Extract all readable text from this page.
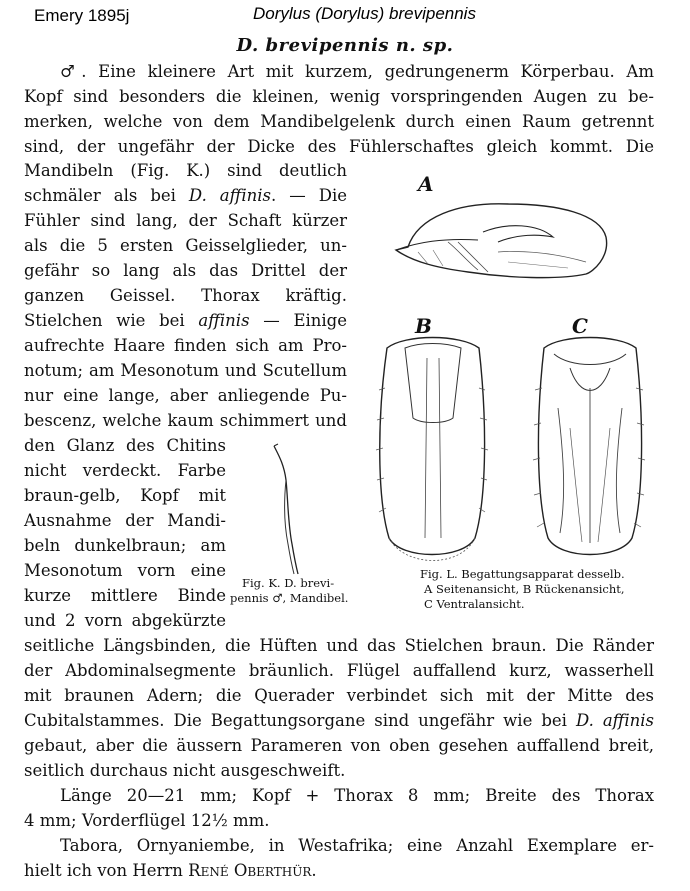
Emery 1895j	Dorylus (Dorylus) brevipennis
D. brevipennis n. sp.
♂. Eine kleinere Art mit kurzem, gedrungenerm Körperbau. Am
Kopf sind besonders die kleinen, wenig vorspringenden Augen zu be-
merken, welche von dem Mandibelgelenk durch einen Raum getrennt
sind, der ungefähr der Dicke des Fühlerschaftes gleich kommt. Die
Mandibeln (Fig. K.) sind deutlich
schmäler als bei D. affinis. — Die
Fühler sind lang, der Schaft kürzer
als die 5 ersten Geisselglieder, un-
gefähr so lang als das Drittel der
ganzen Geissel. Thorax kräftig.
Stielchen wie bei affinis — Einige
aufrechte Haare finden sich am Pro-
notum; am Mesonotum und Scutellum
nur eine lange, aber anliegende Pu-
bescenz, welche kaum schimmert und
den Glanz des Chitins
nicht verdeckt. Farbe
braun-gelb, Kopf mit
Ausnahme der Mandi-
beln dunkelbraun; am
Mesonotum vorn eine
kurze mittlere Binde
und 2 vorn abgekürzte
A
B	C
Fig. K. D. brevi-
pennis ♂, Mandibel.
Fig. L. Begattungsapparat desselb.
A Seitenansicht, B Rückenansicht,
C Ventralansicht.
seitliche Längsbinden, die Hüften und das Stielchen braun. Die Ränder
der Abdominalsegmente bräunlich. Flügel auffallend kurz, wasserhell
mit braunen Adern; die Querader verbindet sich mit der Mitte des
Cubitalstammes. Die Begattungsorgane sind ungefähr wie bei D. affinis
gebaut, aber die äussern Parameren von oben gesehen auffallend breit,
seitlich durchaus nicht ausgeschweift.
Länge 20—21 mm; Kopf + Thorax 8 mm; Breite des Thorax
4 mm; Vorderflügel 12½ mm.
Tabora, Ornyaniembe, in Westafrika; eine Anzahl Exemplare er-
hielt ich von Herrn René Oberthür.
